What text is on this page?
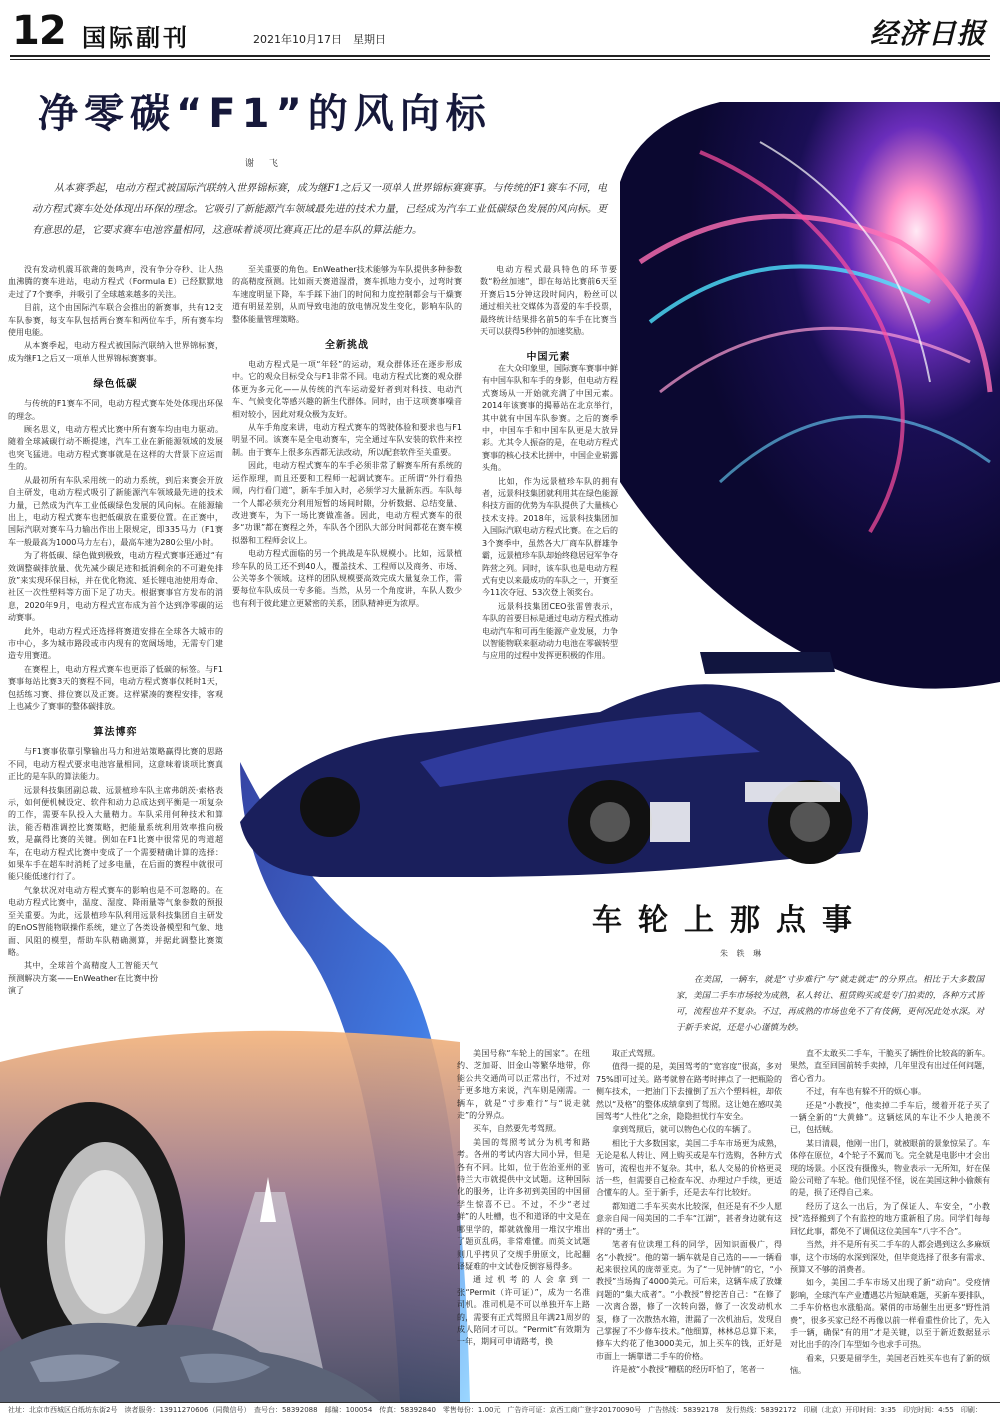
12 国际副刊	2021年10月17日　星期日	经济日报
净零碳“F1”的风向标
谢 飞

从本赛季起，电动方程式被国际汽联纳入世界锦标赛，成为继F1之后又一项单人世界锦标赛赛事。与传统的F1赛车不同，电动方程式赛车处处体现出环保的理念。它吸引了新能源汽车领域最先进的技术力量，已经成为汽车工业低碳绿色发展的风向标。更有意思的是，它要求赛车电池容量相同，这意味着谈项比赛真正比的是车队的算法能力。

没有发动机震耳欲聋的轰鸣声，没有争分夺秒、让人热血沸腾的赛车进站，电动方程式（Formula E）已经默默地走过了7个赛季，并吸引了全球越来越多的关注。

目前，这个由国际汽车联合会推出的新赛事，共有12支车队参赛，每支车队包括两台赛车和两位车手，所有赛车均使用电能。

从本赛季起，电动方程式被国际汽联纳入世界锦标赛，成为继F1之后又一项单人世界锦标赛赛事。

绿色低碳

与传统的F1赛车不同，电动方程式赛车处处体现出环保的理念。

顾名思义，电动方程式比赛中所有赛车均由电力驱动。随着全球减碳行动不断提速，汽车工业在新能源领域的发展也突飞猛进。电动方程式赛事就是在这样的大背景下应运而生的。

从最初所有车队采用统一的动力系统，到后来赛会开放自主研发，电动方程式吸引了新能源汽车领域最先进的技术力量，已然成为汽车工业低碳绿色发展的风向标。在能源输出上，电动方程式赛车也把低碳放在重要位置。在正赛中，国际汽联对赛车马力输出作出上限规定，即335马力（F1赛车一般最高为1000马力左右），最高车速为280公里/小时。

为了将低碳、绿色做到极致，电动方程式赛事还通过“有效调整碳排放量、优先减少碳足迹和抵消剩余的不可避免排放”来实现环保目标，并在优化物流、延长锂电池使用寿命、社区一次性塑料等方面下足了功夫。根据赛事官方发布的消息，2020年9月，电动方程式宣布成为首个达到净零碳的运动赛事。

此外，电动方程式还选择将赛道安排在全球各大城市的市中心，多为城市路段或市内现有的宽阔场地，无需专门建造专用赛道。

在赛程上，电动方程式赛车也更添了低碳的标签。与F1赛事每站比赛3天的赛程不同，电动方程式赛事仅耗时1天，包括练习赛、排位赛以及正赛。这样紧凑的赛程安排，客观上也减少了赛事的整体碳排放。

算法博弈

与F1赛事依靠引擎输出马力和进站策略赢得比赛的思路不同，电动方程式要求电池容量相同，这意味着谈项比赛真正比的是车队的算法能力。

远景科技集团副总裁、远景植珍车队主席弗朗茨·索格表示，如何便机械设定、软件和动力总成达到平衡是一项复杂的工作，需要车队投入大量精力。车队采用何种技术和算法，能否精准调控比赛策略，把能量系统利用效率推向极致，是赢得比赛的关键。例如在F1比赛中很常见的弯道超车，在电动方程式比赛中变成了一个需要精确计算的选择：如果车手在超车时消耗了过多电量，在后面的赛程中就很可能只能低速行行了。

气象状况对电动方程式赛车的影响也是不可忽略的。在电动方程式比赛中，温度、湿度、降雨量等气象参数的预报至关重要。为此，远景植珍车队利用远景科技集团自主研发的EnOS智能物联操作系统，建立了各类设备模型和气象、地面、风阻的模型，帮助车队精确测算，并据此调整比赛策略。

其中，全球首个高精度人工智能天气预测解决方案——EnWeather在比赛中扮演了

至关重要的角色。EnWeather技术能够为车队提供多种参数的高精度预测。比如雨天赛道湿滑，赛车抓地力变小，过弯时赛车速度明显下降，车手踩下油门的时间和力度控制都会与干燥赛道有明显差别，从而导致电池的放电情况发生变化，影响车队的整体能量管理策略。

全新挑战

电动方程式是一项“年轻”的运动，观众群体还在逐步形成中。它的观众目标受众与F1非常不同。电动方程式比赛的观众群体更为多元化——从传统的汽车运动爱好者到对科技、电动汽车、气候变化等感兴趣的新生代群体。同时，由于这项赛事噪音相对较小，因此对观众极为友好。

从车手角度来讲，电动方程式赛车的驾驶体验和要求也与F1明显不同。该赛车是全电动赛车，完全通过车队安装的软件来控制。由于赛车上很多东西都无法改动，所以配套软件至关重要。

因此，电动方程式赛车的车手必须非常了解赛车所有系统的运作原理，而且还要和工程师一起调试赛车。正所谓“外行看热闹，内行看门道”，新车手加入时，必须学习大量新东西。车队每一个人都必须充分利用短暂的场间时隙，分析数据、总结变量、改进赛车，为下一场比赛做准备。因此，电动方程式赛车的很多“功课”都在赛程之外，车队各个团队大部分时间都花在赛车模拟器和工程师会议上。

电动方程式面临的另一个挑战是车队规模小。比如，远景植珍车队的员工还不到40人，覆盖技术、工程师以及商务、市场、公关等多个领域。这样的团队规模要高效完成大量复杂工作，需要每位车队成员一专多能。当然，从另一个角度讲，车队人数少也有利于彼此建立更紧密的关系，团队精神更为浓厚。

电动方程式最具特色的环节要数“粉丝加速”，即在每站比赛前6天至开赛后15分钟这段时间内，粉丝可以通过相关社交媒体为喜爱的车手投票，最终统计结果排名前5的车手在比赛当天可以获得5秒钟的加速奖励。

中国元素

在大众印象里，国际赛车赛事中鲜有中国车队和车手的身影，但电动方程式赛场从一开始就充满了中国元素。2014年该赛事的揭幕站在北京举行，其中就有中国车队参赛。之后的赛季中，中国车手和中国车队更是大放异彩。尤其令人振奋的是，在电动方程式赛事的核心技术比拼中，中国企业崭露头角。

比如，作为远景植珍车队的拥有者，远景科技集团就利用其在绿色能源科技方面的优势为车队提供了大量核心技术支持。2018年，远景科技集团加入国际汽联电动方程式比赛。在之后的3个赛季中，虽然各大厂商车队群雄争霸，远景植珍车队却始终稳居冠军争夺阵营之列。同时，该车队也是电动方程式有史以来最成功的车队之一，开赛至今11次夺冠、53次登上领奖台。

远景科技集团CEO张雷曾表示，车队的首要目标是通过电动方程式推动电动汽车和可再生能源产业发展，力争以智能物联来驱动动力电池在零碳转型与应用的过程中发挥更积极的作用。

车轮上那点事
朱 轶 琳

在美国，一辆车，就是“寸步难行”与“就走就走”的分界点。相比于大多数国家，美国二手车市场较为成熟，私人转让、租赁购买或是专门拍卖的，各种方式皆可，流程也并不复杂。不过，再成熟的市场也免不了有伎俩，更何况此处水深。对于新手来说，还是小心谨慎为妙。

美国号称“车轮上的国家”。在纽约、芝加哥、旧金山等繁华地带，你能公共交通尚可以正常出行，不过对于更多地方来说，汽车则是刚需。一辆车，就是“寸步难行”与“说走就走”的分界点。

买车，自然要先考驾照。

美国的驾照考试分为机考和路考。各州的考试内容大同小异，但是各有不同。比如，位于佐治亚州的亚特兰大市就提供中文试题。这种国际化的服务，让许多初到美国的中国留学生惊喜不已。不过，不少“老过鲜”的人吐槽，也不和道译的中文是在哪里学的，都就就像用一堆汉字堆出了题页乱码，非常难懂。而英文试题则几乎拷贝了交规手册原文，比起翻译疑难的中文试卷反倒容易得多。

通过机考的人会拿到一张“Permit（许可证）”，成为一名准司机。准司机是不可以单独开车上路的，需要有正式驾照且年满21周岁的成人陪同才可以。“Permit”有效期为一年，期间可申请路考，换

取正式驾照。

值得一提的是，美国驾考的“宽容度”很高，多对75%即可过关。路考就曾在路考时摔点了一把瓶险的侧车技术，一把油门下去撞倒了五六个塑料桩，却依然以“及格”的整体成绩拿到了驾照。这让她在感叹美国驾考“人性化”之余，隐隐担忧行车安全。

拿到驾照后，就可以物色心仪的车辆了。

相比于大多数国家，美国二手车市场更为成熟，无论是私人转让、网上购买或是车行选购，各种方式皆可，流程也并不复杂。其中，私人交易的价格更灵活一些，但需要自己检查车况、办理过户手续，更适合懂车的人。至于新手，还是去车行比较好。

都知道二手车买卖水比较深，但还是有不少人愿意亲自闯一闯美国的二手车“江湖”，甚者身边就有这样的“勇士”。

笔者有位读理工科的同学，因知识面极广，得名“小教授”。他的第一辆车就是自己选的——一辆看起来很拉风的庞蒂亚克。为了“一见钟情”的它，“小教授”当场掏了4000美元。可后来，这辆车成了放嫌问题的“集大成者”。“小教授”曾挖苦自己：“在修了一次离合器，修了一次转向器，修了一次发动机水泵，修了一次散热水箱，泄漏了一次机油后，发现自己掌握了不少修车技术。”他细算，林林总总算下来，修车大约花了他3000美元，加上买车的钱，正好是市面上一辆靠谱二手车的价格。

许是被“小教授”糟糕的经历吓怕了，笔者一

直不太敢买二手车，干脆买了辆性价比较高的新车。果然，直至回国前转手卖掉，几年里没有出过任何问题，省心省力。

不过，有车也有躲不开的烦心事。

还是“小教授”，他卖掉二手车后，缓着开花子买了一辆全新的“大黄蜂”。这辆炫风的车让不少人艳羡不已，包括贼。

某日清晨，他刚一出门，就被眼前的景象惊呆了。车体停在原位，4个轮子不翼而飞。完全就是电影中才会出现的场景。小区没有摄像头，物业表示一无所知，好在保险公司赔了车轮。他们见怪不怪，说在美国这种小偷颇有的是，损了还得自己来。

经历了这么一出后，为了保证人、车安全，“小教授”选择搬到了个有监控的地方重新租了房。同学们每每回忆此事，都免不了调侃这位美国车“八字不合”。

当然，并不是所有买二手车的人都会遇到这么多麻烦事，这个市场的水深到深处，但毕竟选择了很多有需求、预算又不够的消费者。

如今，美国二手车市场又出现了新“动向”。受疫情影响，全球汽车产业遭遇芯片短缺难题，买新车要排队，二手车价格也水涨船高。紧俏的市场催生出更多“野性消费”，很多买家已经不再像以前一样看重性价比了，先入手一辆，确保“有的用”才是关键，以至于新近数据显示对比出手的冷门车型如今也求手可热。

看来，只要是留学生，美国老百姓买车也有了新的烦恼。

社址：北京市西城区白纸坊东街2号　读者服务：13911270606（同微信号）　查号台：58392088　邮编：100054　传真：58392840　零售每份：1.00元　广告许可证：京西工商广登字20170090号　广告热线：58392178　发行热线：58392172　印刷（北京）开印时间：3:35　印完时间：4:55　印刷：
